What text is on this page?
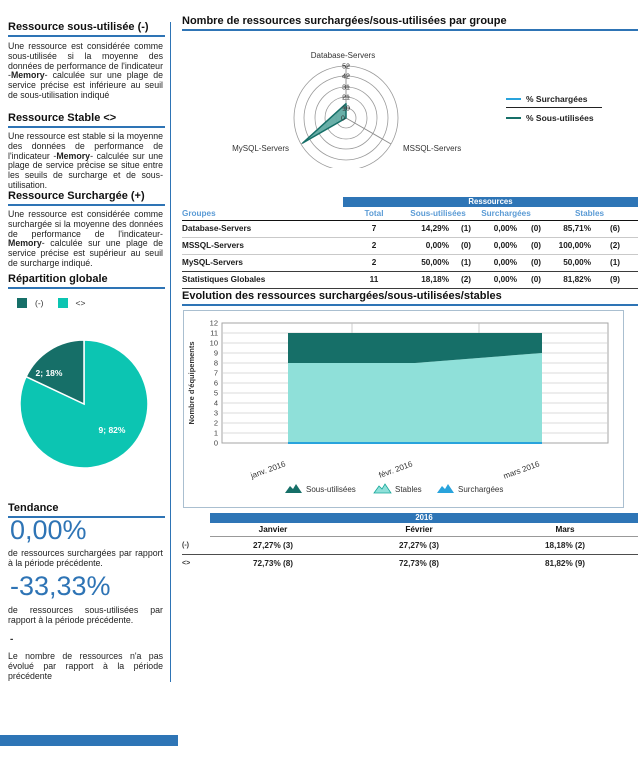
Ressource sous-utilisée (-)
Une ressource est considérée comme sous-utilisée si la moyenne des données de performance de l'indicateur -Memory- calculée sur une plage de service précise est inférieure au seuil de sous-utilisation indiqué
Ressource Stable <>
Une ressource est stable si la moyenne des données de performance de l'indicateur -Memory- calculée sur une plage de service précise se situe entre les seuils de surcharge et de sous-utilisation.
Ressource Surchargée (+)
Une ressource est considérée comme surchargée si la moyenne des données de performance de l'indicateur-Memory- calculée sur une plage de service précise est supérieur au seuil de surcharge indiqué.
Répartition globale
(-)	<>
2; 18%
9; 82%
Tendance
0,00%
de ressources surchargées par rapport à la période précédente.
-33,33%
de ressources sous-utilisées par rapport à la période précédente.
-
Le nombre de ressources n'a pas évolué par rapport à la période précédente
Nombre de ressources surchargées/sous-utilisées par groupe
52
42
31
21
10
0
Database-Servers
MSSQL-Servers
MySQL-Servers
% Surchargées
% Sous-utilisées
Ressources
Groupes	Total	Sous-utilisées	Surchargées	Stables
Database-Servers	7	14,29%	(1)	0,00%	(0)	85,71%	(6)
MSSQL-Servers	2	0,00%	(0)	0,00%	(0)	100,00%	(2)
MySQL-Servers	2	50,00%	(1)	0,00%	(0)	50,00%	(1)
Statistiques Globales	11	18,18%	(2)	0,00%	(0)	81,82%	(9)
Evolution des ressources surchargées/sous-utilisées/stables
12
11
10
9
8
7
6
5
4
3
2
1
0
Nombre d'équipements
janv. 2016	févr. 2016	mars 2016
Sous-utilisées	Stables	Surchargées
2016
Janvier	Février	Mars
(-)	27,27% (3)	27,27% (3)	18,18% (2)
<>	72,73% (8)	72,73% (8)	81,82% (9)
